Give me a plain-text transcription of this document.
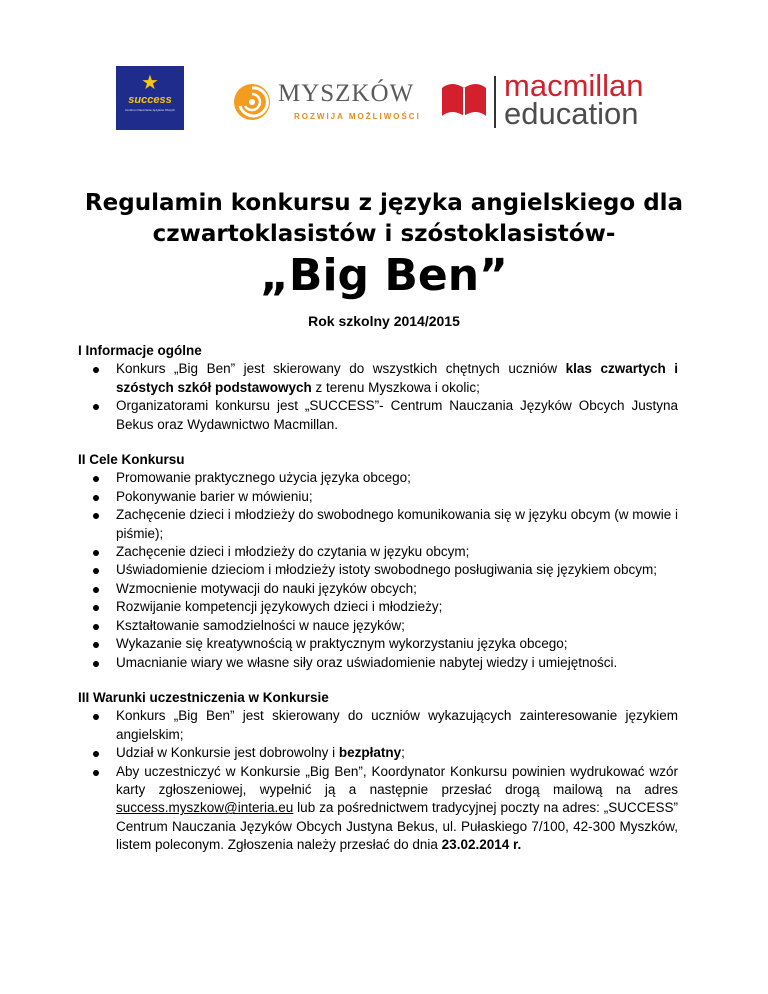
★
success
Centrum Nauczania Języków Obcych
MYSZKÓW
ROZWIJA MOŻLIWOŚCI
macmillan
education
Regulamin konkursu z języka angielskiego dla
czwartoklasistów i szóstoklasistów-
„Big Ben”
Rok szkolny 2014/2015
I Informacje ogólne
Konkurs „Big Ben” jest skierowany do wszystkich chętnych uczniów klas czwartych i szóstych szkół podstawowych z terenu Myszkowa i okolic;
Organizatorami konkursu jest „SUCCESS”- Centrum Nauczania Języków Obcych Justyna Bekus oraz Wydawnictwo Macmillan.
II Cele Konkursu
Promowanie praktycznego użycia języka obcego;
Pokonywanie barier w mówieniu;
Zachęcenie dzieci i młodzieży do swobodnego komunikowania się w języku obcym (w mowie i piśmie);
Zachęcenie dzieci i młodzieży do czytania w języku obcym;
Uświadomienie dzieciom i młodzieży istoty swobodnego posługiwania się językiem obcym;
Wzmocnienie motywacji do nauki języków obcych;
Rozwijanie kompetencji językowych dzieci i młodzieży;
Kształtowanie samodzielności w nauce języków;
Wykazanie się kreatywnością w praktycznym wykorzystaniu języka obcego;
Umacnianie wiary we własne siły oraz uświadomienie nabytej wiedzy i umiejętności.
III Warunki uczestniczenia w Konkursie
Konkurs „Big Ben” jest skierowany do uczniów wykazujących zainteresowanie językiem angielskim;
Udział w Konkursie jest dobrowolny i bezpłatny;
Aby uczestniczyć w Konkursie „Big Ben”, Koordynator Konkursu powinien wydrukować wzór karty zgłoszeniowej, wypełnić ją a następnie przesłać drogą mailową na adres success.myszkow@interia.eu lub za pośrednictwem tradycyjnej poczty na adres: „SUCCESS” Centrum Nauczania Języków Obcych Justyna Bekus, ul. Pułaskiego 7/100, 42-300 Myszków, listem poleconym. Zgłoszenia należy przesłać do dnia 23.02.2014 r.
